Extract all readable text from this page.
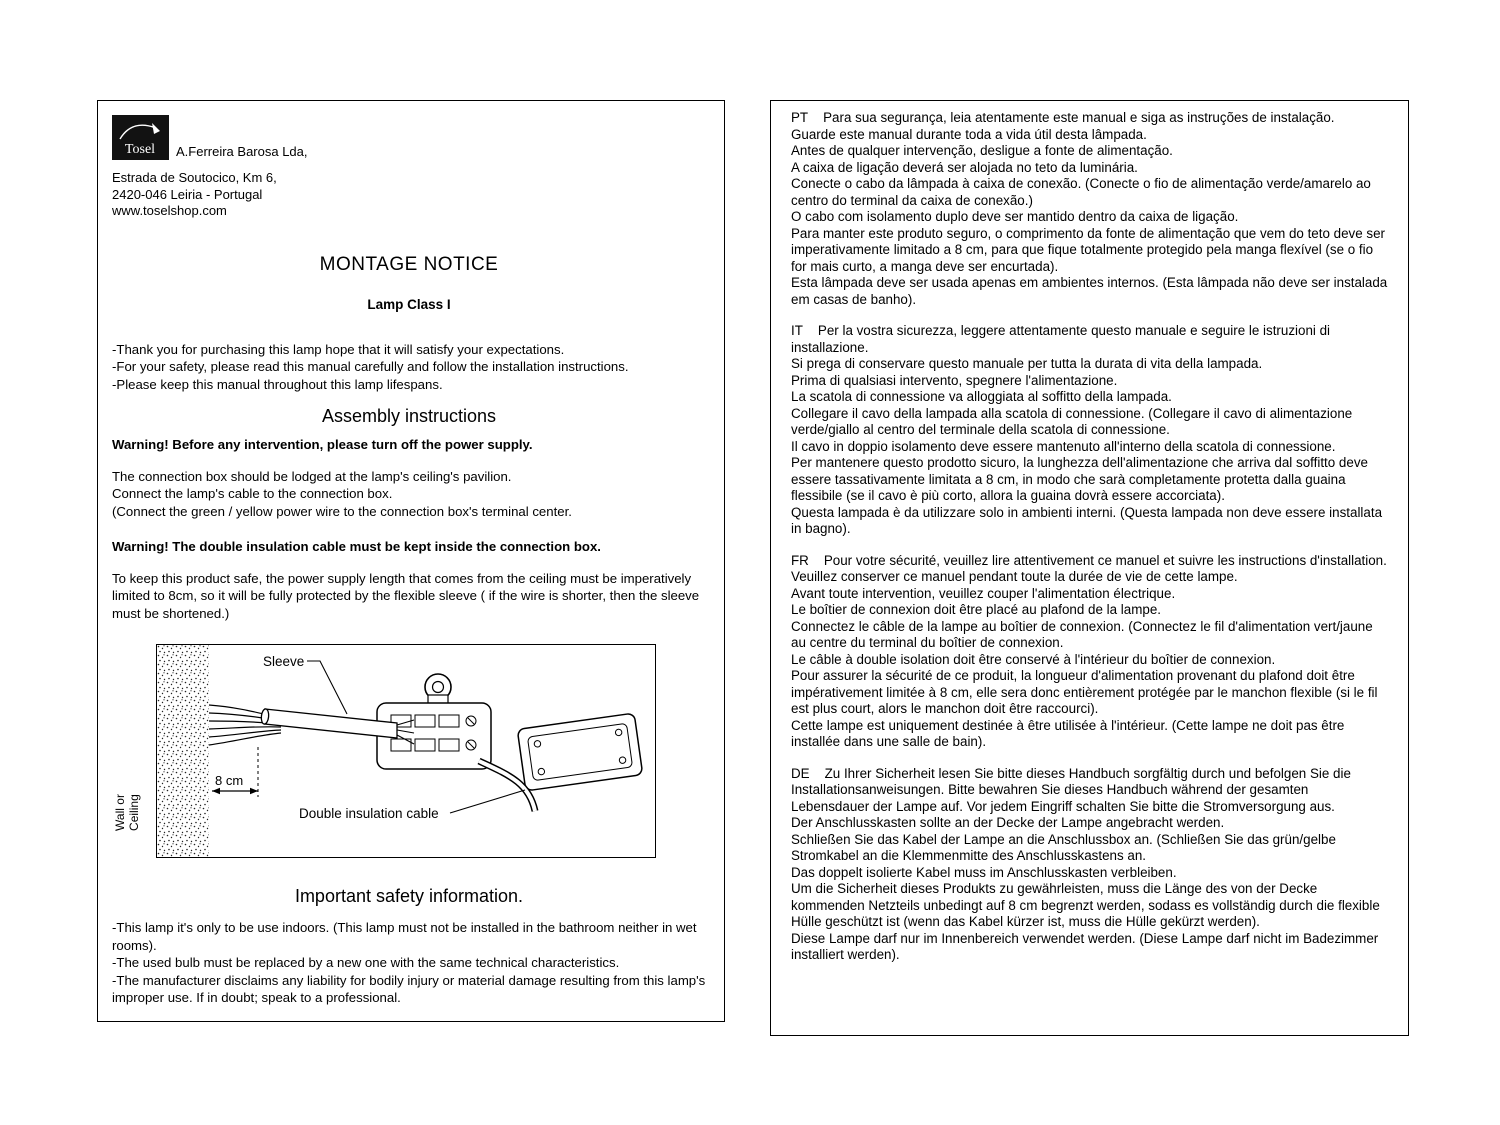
Tosel A.Ferreira Barosa Lda,
Estrada de Soutocico, Km 6,
2420-046 Leiria - Portugal
www.toselshop.com
MONTAGE NOTICE
Lamp Class I
-Thank you for purchasing this lamp hope that it will satisfy your expectations.
-For your safety, please read this manual carefully and follow the installation instructions.
-Please keep this manual throughout this lamp lifespans.
Assembly instructions
Warning! Before any intervention, please turn off the power supply.
The connection box should be lodged at the lamp's ceiling's pavilion.
Connect the lamp's cable to the connection box.
(Connect the green / yellow power wire to the connection box's terminal center.
Warning! The double insulation cable must be kept inside the connection box.
To keep this product safe, the power supply length that comes from the ceiling must be imperatively limited to 8cm, so it will be fully protected by the flexible sleeve ( if the wire is shorter, then the sleeve must be shortened.)
Wall or Ceiling
8 cm
Sleeve
Double insulation cable
Important safety information.
-This lamp it's only to be use indoors. (This lamp must not be installed in the bathroom neither in wet rooms).
-The used bulb must be replaced by a new one with the same technical characteristics.
-The manufacturer disclaims any liability for bodily injury or material damage resulting from this lamp's improper use. If in doubt; speak to a professional.
PT Para sua segurança, leia atentamente este manual e siga as instruções de instalação.
Guarde este manual durante toda a vida útil desta lâmpada.
Antes de qualquer intervenção, desligue a fonte de alimentação.
A caixa de ligação deverá ser alojada no teto da luminária.
Conecte o cabo da lâmpada à caixa de conexão. (Conecte o fio de alimentação verde/amarelo ao centro do terminal da caixa de conexão.)
O cabo com isolamento duplo deve ser mantido dentro da caixa de ligação.
Para manter este produto seguro, o comprimento da fonte de alimentação que vem do teto deve ser imperativamente limitado a 8 cm, para que fique totalmente protegido pela manga flexível (se o fio for mais curto, a manga deve ser encurtada).
Esta lâmpada deve ser usada apenas em ambientes internos. (Esta lâmpada não deve ser instalada em casas de banho).
IT Per la vostra sicurezza, leggere attentamente questo manuale e seguire le istruzioni di installazione.
Si prega di conservare questo manuale per tutta la durata di vita della lampada.
Prima di qualsiasi intervento, spegnere l'alimentazione.
La scatola di connessione va alloggiata al soffitto della lampada.
Collegare il cavo della lampada alla scatola di connessione. (Collegare il cavo di alimentazione verde/giallo al centro del terminale della scatola di connessione.
Il cavo in doppio isolamento deve essere mantenuto all'interno della scatola di connessione.
Per mantenere questo prodotto sicuro, la lunghezza dell'alimentazione che arriva dal soffitto deve essere tassativamente limitata a 8 cm, in modo che sarà completamente protetta dalla guaina flessibile (se il cavo è più corto, allora la guaina dovrà essere accorciata).
Questa lampada è da utilizzare solo in ambienti interni. (Questa lampada non deve essere installata in bagno).
FR Pour votre sécurité, veuillez lire attentivement ce manuel et suivre les instructions d'installation. Veuillez conserver ce manuel pendant toute la durée de vie de cette lampe.
Avant toute intervention, veuillez couper l'alimentation électrique.
Le boîtier de connexion doit être placé au plafond de la lampe.
Connectez le câble de la lampe au boîtier de connexion. (Connectez le fil d'alimentation vert/jaune au centre du terminal du boîtier de connexion.
Le câble à double isolation doit être conservé à l'intérieur du boîtier de connexion.
Pour assurer la sécurité de ce produit, la longueur d'alimentation provenant du plafond doit être impérativement limitée à 8 cm, elle sera donc entièrement protégée par le manchon flexible (si le fil est plus court, alors le manchon doit être raccourci).
Cette lampe est uniquement destinée à être utilisée à l'intérieur. (Cette lampe ne doit pas être installée dans une salle de bain).
DE Zu Ihrer Sicherheit lesen Sie bitte dieses Handbuch sorgfältig durch und befolgen Sie die Installationsanweisungen. Bitte bewahren Sie dieses Handbuch während der gesamten Lebensdauer der Lampe auf. Vor jedem Eingriff schalten Sie bitte die Stromversorgung aus.
Der Anschlusskasten sollte an der Decke der Lampe angebracht werden.
Schließen Sie das Kabel der Lampe an die Anschlussbox an. (Schließen Sie das grün/gelbe Stromkabel an die Klemmenmitte des Anschlusskastens an.
Das doppelt isolierte Kabel muss im Anschlusskasten verbleiben.
Um die Sicherheit dieses Produkts zu gewährleisten, muss die Länge des von der Decke kommenden Netzteils unbedingt auf 8 cm begrenzt werden, sodass es vollständig durch die flexible Hülle geschützt ist (wenn das Kabel kürzer ist, muss die Hülle gekürzt werden).
Diese Lampe darf nur im Innenbereich verwendet werden. (Diese Lampe darf nicht im Badezimmer installiert werden).
